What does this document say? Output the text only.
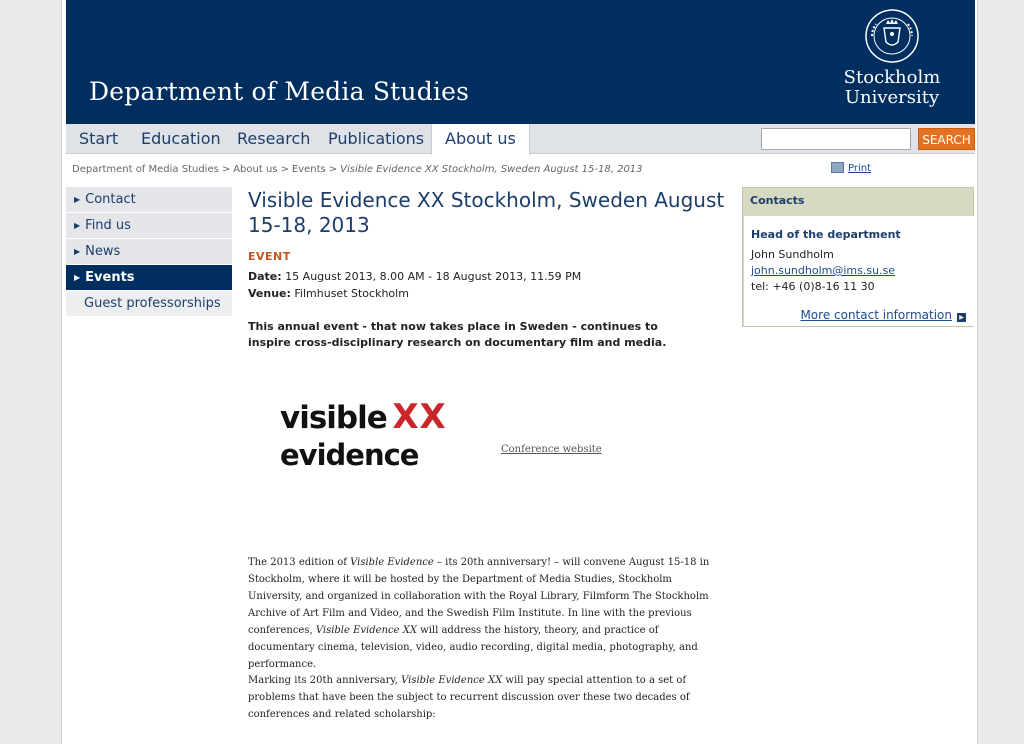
Department of Media Studies	Stockholm
University
Start	Education	Research	Publications	About us	SEARCH
Department of Media Studies > About us > Events > Visible Evidence XX Stockholm, Sweden August 15-18, 2013	Print
▶ Contact
▶ Find us
▶ News
▶ Events
Guest professorships
Visible Evidence XX Stockholm, Sweden August 15-18, 2013
EVENT
Date: 15 August 2013, 8.00 AM - 18 August 2013, 11.59 PM
Venue: Filmhuset Stockholm

This annual event - that now takes place in Sweden - continues to inspire cross-disciplinary research on documentary film and media.

visible XX
evidence	Conference website

The 2013 edition of Visible Evidence – its 20th anniversary! – will convene August 15-18 in Stockholm, where it will be hosted by the Department of Media Studies, Stockholm University, and organized in collaboration with the Royal Library, Filmform The Stockholm Archive of Art Film and Video, and the Swedish Film Institute. In line with the previous conferences, Visible Evidence XX will address the history, theory, and practice of documentary cinema, television, video, audio recording, digital media, photography, and performance.

Marking its 20th anniversary, Visible Evidence XX will pay special attention to a set of problems that have been the subject to recurrent discussion over these two decades of conferences and related scholarship:

Contacts
Head of the department
John Sundholm
john.sundholm@ims.su.se
tel: +46 (0)8-16 11 30
More contact information ▶
